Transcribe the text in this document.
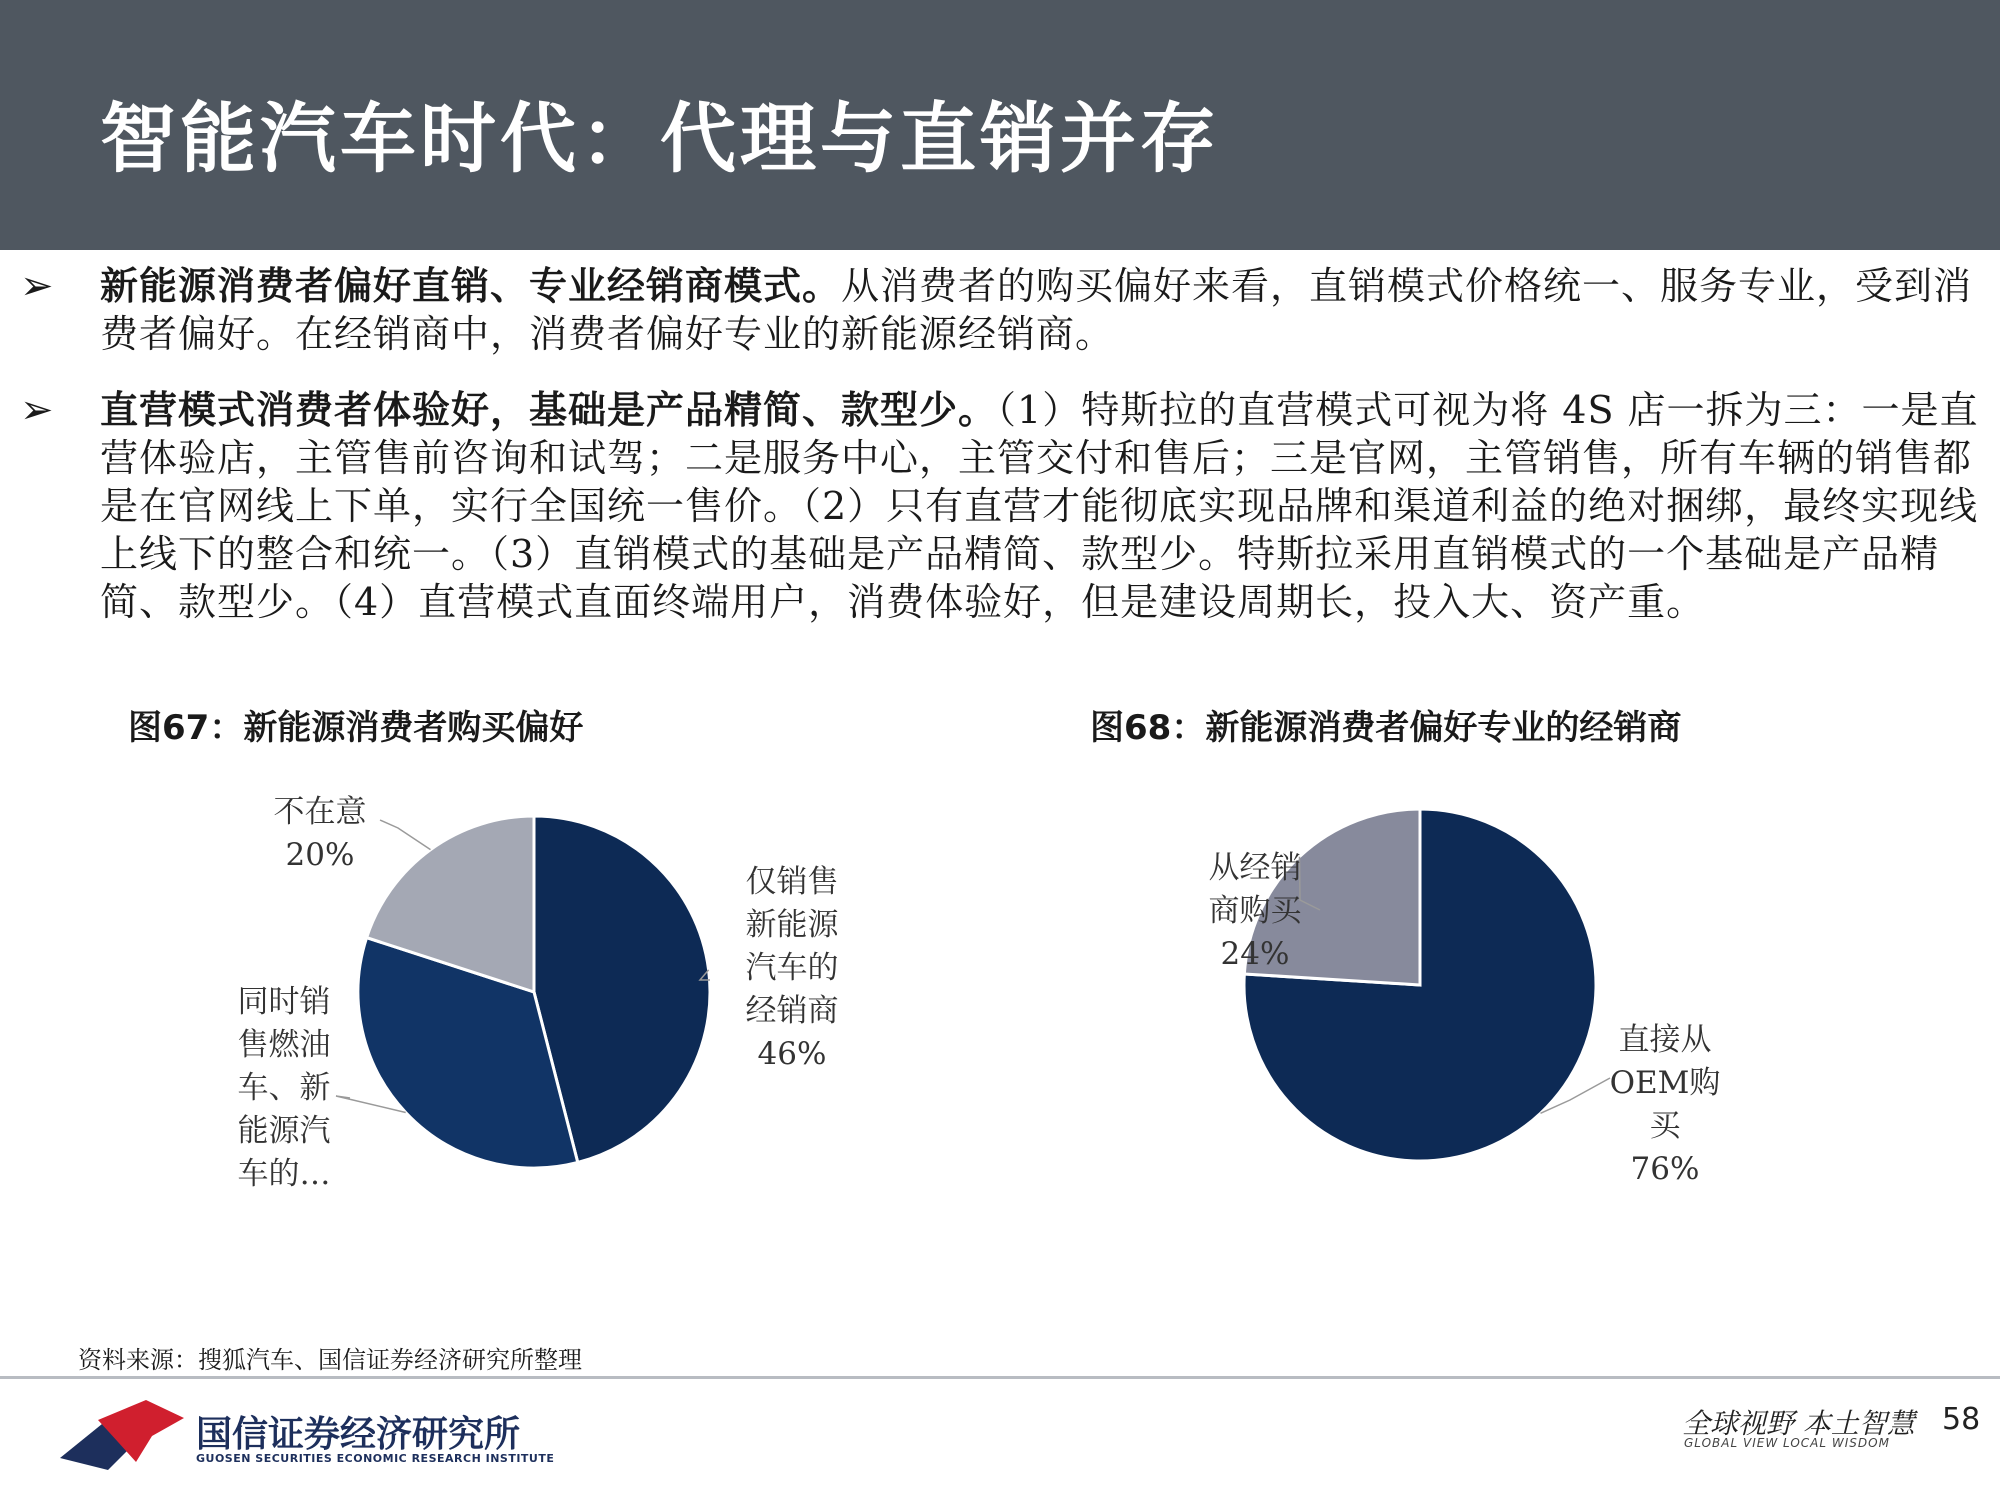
智能汽车时代：代理与直销并存
➢	新能源消费者偏好直销、专业经销商模式。从消费者的购买偏好来看，直销模式价格统一、服务专业，受到消费者偏好。在经销商中，消费者偏好专业的新能源经销商。
➢	直营模式消费者体验好，基础是产品精简、款型少。（1）特斯拉的直营模式可视为将 4S 店一拆为三：一是直营体验店，主管售前咨询和试驾；二是服务中心，主管交付和售后；三是官网，主管销售，所有车辆的销售都是在官网线上下单，实行全国统一售价。（2）只有直营才能彻底实现品牌和渠道利益的绝对捆绑，最终实现线上线下的整合和统一。（3）直销模式的基础是产品精简、款型少。特斯拉采用直销模式的一个基础是产品精简、款型少。（4）直营模式直面终端用户，消费体验好，但是建设周期长，投入大、资产重。
图67：新能源消费者购买偏好	图68：新能源消费者偏好专业的经销商
仅销售新能源汽车的经销商 46%
同时销售燃油车、新能源汽车的…
不在意 20%
直接从 OEM购买 76%
从经销商购买 24%
资料来源：搜狐汽车、国信证券经济研究所整理
国信证券经济研究所
GUOSEN SECURITIES ECONOMIC RESEARCH INSTITUTE
全球视野 本土智慧
GLOBAL VIEW LOCAL WISDOM
58
